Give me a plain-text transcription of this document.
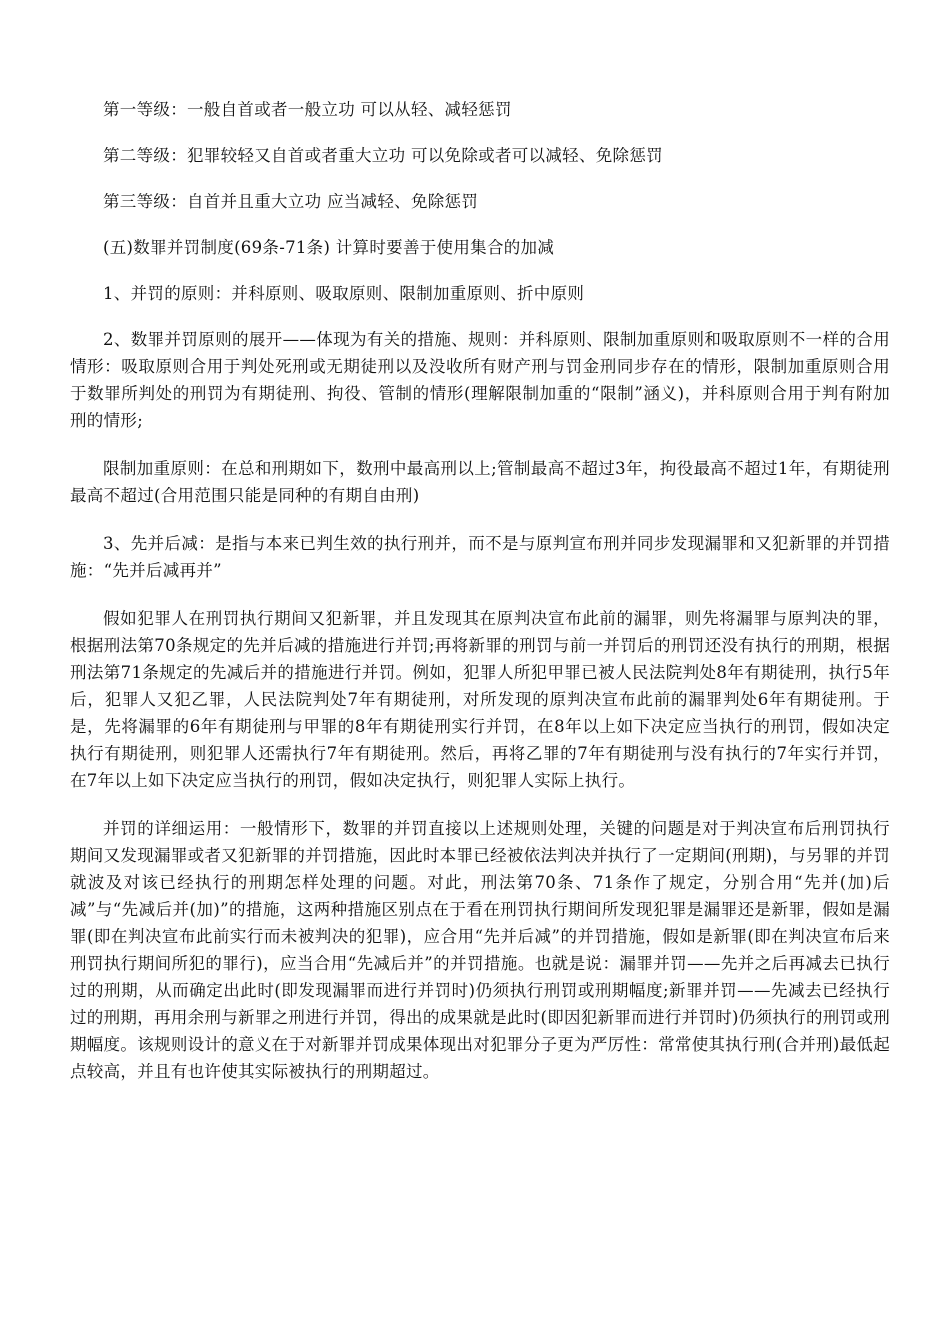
第一等级：一般自首或者一般立功 可以从轻、减轻惩罚

第二等级：犯罪较轻又自首或者重大立功 可以免除或者可以减轻、免除惩罚

第三等级：自首并且重大立功 应当减轻、免除惩罚

(五)数罪并罚制度(69条-71条) 计算时要善于使用集合的加减

1、并罚的原则：并科原则、吸取原则、限制加重原则、折中原则

2、数罪并罚原则的展开——体现为有关的措施、规则：并科原则、限制加重原则和吸取原则不一样的合用情形：吸取原则合用于判处死刑或无期徒刑以及没收所有财产刑与罚金刑同步存在的情形，限制加重原则合用于数罪所判处的刑罚为有期徒刑、拘役、管制的情形(理解限制加重的“限制”涵义)，并科原则合用于判有附加刑的情形;

限制加重原则：在总和刑期如下，数刑中最高刑以上;管制最高不超过3年，拘役最高不超过1年，有期徒刑最高不超过(合用范围只能是同种的有期自由刑)

3、先并后减：是指与本来已判生效的执行刑并，而不是与原判宣布刑并同步发现漏罪和又犯新罪的并罚措施：“先并后减再并”

假如犯罪人在刑罚执行期间又犯新罪，并且发现其在原判决宣布此前的漏罪，则先将漏罪与原判决的罪，根据刑法第70条规定的先并后减的措施进行并罚;再将新罪的刑罚与前一并罚后的刑罚还没有执行的刑期，根据刑法第71条规定的先减后并的措施进行并罚。例如，犯罪人所犯甲罪已被人民法院判处8年有期徒刑，执行5年后，犯罪人又犯乙罪，人民法院判处7年有期徒刑，对所发现的原判决宣布此前的漏罪判处6年有期徒刑。于是，先将漏罪的6年有期徒刑与甲罪的8年有期徒刑实行并罚，在8年以上如下决定应当执行的刑罚，假如决定执行有期徒刑，则犯罪人还需执行7年有期徒刑。然后，再将乙罪的7年有期徒刑与没有执行的7年实行并罚，在7年以上如下决定应当执行的刑罚，假如决定执行，则犯罪人实际上执行。

并罚的详细运用：一般情形下，数罪的并罚直接以上述规则处理，关键的问题是对于判决宣布后刑罚执行期间又发现漏罪或者又犯新罪的并罚措施，因此时本罪已经被依法判决并执行了一定期间(刑期)，与另罪的并罚就波及对该已经执行的刑期怎样处理的问题。对此，刑法第70条、71条作了规定，分别合用“先并(加)后减”与“先减后并(加)”的措施，这两种措施区别点在于看在刑罚执行期间所发现犯罪是漏罪还是新罪，假如是漏罪(即在判决宣布此前实行而未被判决的犯罪)，应合用“先并后减”的并罚措施，假如是新罪(即在判决宣布后来刑罚执行期间所犯的罪行)，应当合用“先减后并”的并罚措施。也就是说：漏罪并罚——先并之后再减去已执行过的刑期，从而确定出此时(即发现漏罪而进行并罚时)仍须执行刑罚或刑期幅度;新罪并罚——先减去已经执行过的刑期，再用余刑与新罪之刑进行并罚，得出的成果就是此时(即因犯新罪而进行并罚时)仍须执行的刑罚或刑期幅度。该规则设计的意义在于对新罪并罚成果体现出对犯罪分子更为严厉性：常常使其执行刑(合并刑)最低起点较高，并且有也许使其实际被执行的刑期超过。
